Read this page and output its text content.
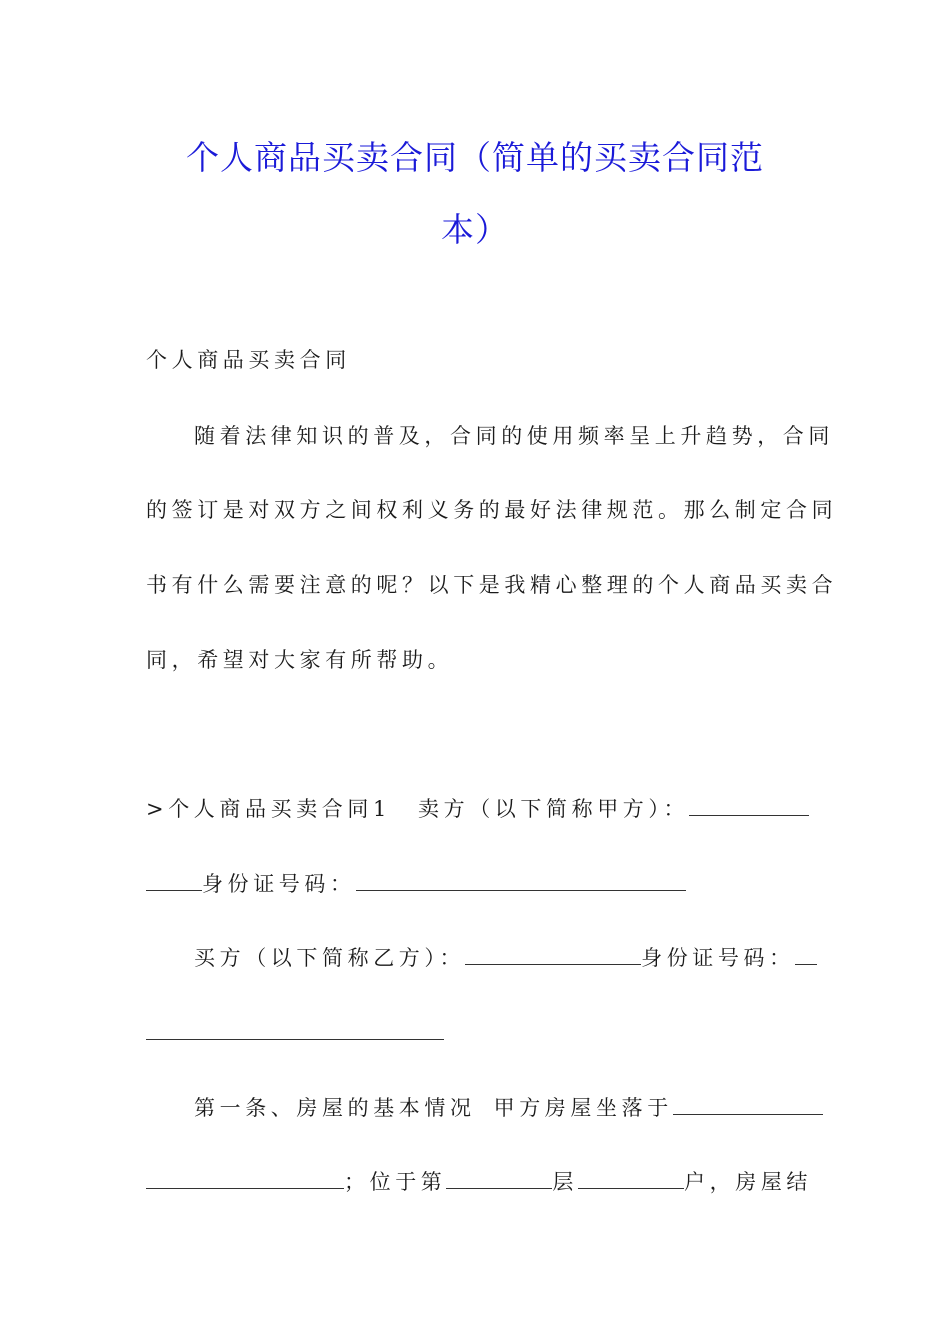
个人商品买卖合同（简单的买卖合同范
本）
个人商品买卖合同
随着法律知识的普及，合同的使用频率呈上升趋势，合同
的签订是对双方之间权利义务的最好法律规范。那么制定合同
书有什么需要注意的呢？以下是我精心整理的个人商品买卖合
同，希望对大家有所帮助。
>个人商品买卖合同1 卖方（以下简称甲方）：
身份证号码：
买方（以下简称乙方）：	身份证号码：
第一条、房屋的基本情况 甲方房屋坐落于
；位于第	层	户，房屋结
